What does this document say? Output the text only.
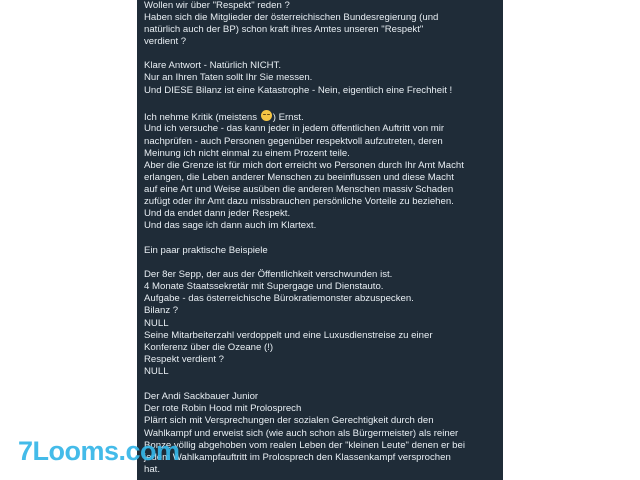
Wollen wir über "Respekt" reden ?
Haben sich die Mitglieder der österreichischen Bundesregierung (und
natürlich auch der BP) schon kraft ihres Amtes unseren "Respekt"
verdient ?
Klare Antwort - Natürlich NICHT.
Nur an Ihren Taten sollt Ihr Sie messen.
Und DIESE Bilanz ist eine Katastrophe - Nein, eigentlich eine Frechheit !
Ich nehme Kritik (meistens ) Ernst.
Und ich versuche - das kann jeder in jedem öffentlichen Auftritt von mir
nachprüfen - auch Personen gegenüber respektvoll aufzutreten, deren
Meinung ich nicht einmal zu einem Prozent teile.
Aber die Grenze ist für mich dort erreicht wo Personen durch Ihr Amt Macht
erlangen, die Leben anderer Menschen zu beeinflussen und diese Macht
auf eine Art und Weise ausüben die anderen Menschen massiv Schaden
zufügt oder ihr Amt dazu missbrauchen persönliche Vorteile zu beziehen.
Und da endet dann jeder Respekt.
Und das sage ich dann auch im Klartext.
Ein paar praktische Beispiele
Der 8er Sepp, der aus der Öffentlichkeit verschwunden ist.
4 Monate Staatssekretär mit Supergage und Dienstauto.
Aufgabe - das österreichische Bürokratiemonster abzuspecken.
Bilanz ?
NULL
Seine Mitarbeiterzahl verdoppelt und eine Luxusdienstreise zu einer
Konferenz über die Ozeane (!)
Respekt verdient ?
NULL
Der Andi Sackbauer Junior
Der rote Robin Hood mit Prolosprech
Plärrt sich mit Versprechungen der sozialen Gerechtigkeit durch den
Wahlkampf und erweist sich (wie auch schon als Bürgermeister) als reiner
Bonze völlig abgehoben vom realen Leben der "kleinen Leute" denen er bei
jedem Wahlkampfauftritt im Prolosprech den Klassenkampf versprochen
hat.
7Looms.com
